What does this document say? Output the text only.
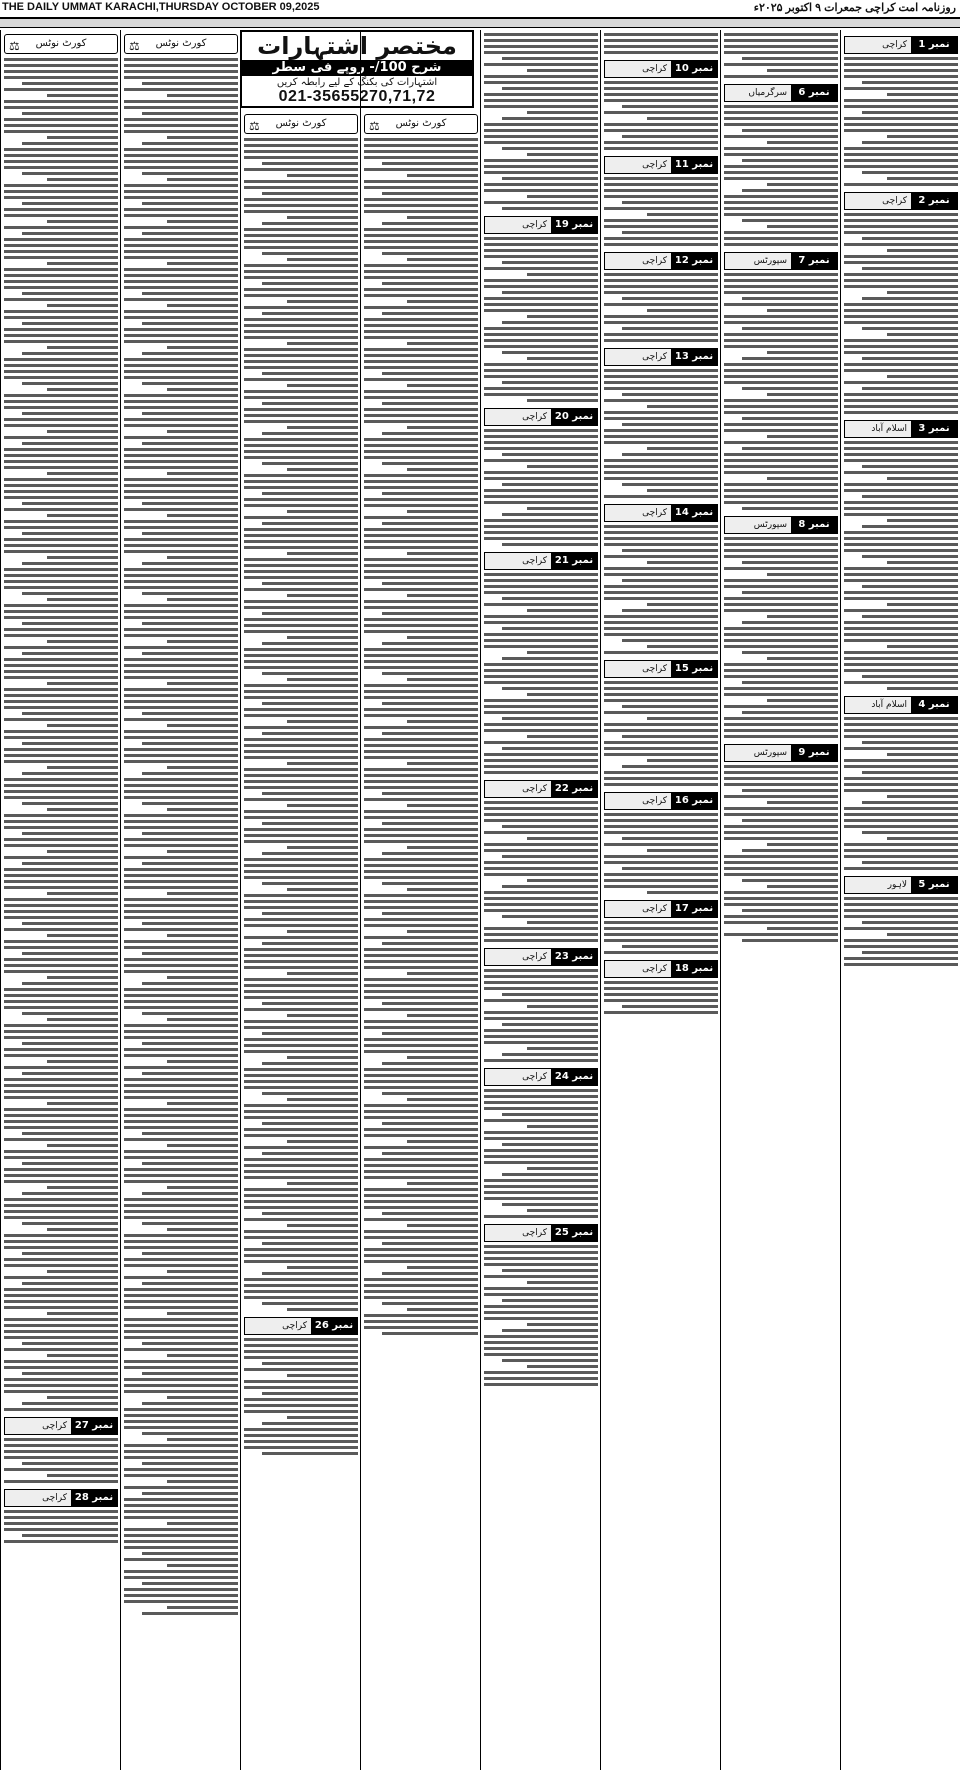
THE DAILY UMMAT KARACHI,THURSDAY OCTOBER 09,2025	روزنامہ امت کراچی جمعرات ۹ اکتوبر ۲۰۲۵ء
نمبر 1
کراچی
نمبر 2
کراچی
نمبر 3
اسلام آباد
نمبر 4
اسلام آباد
نمبر 5
لاہور
نمبر 6
سرگرمیاں
نمبر 7
سپورٹس
نمبر 8
سپورٹس
نمبر 9
سپورٹس
نمبر 10
کراچی
نمبر 11
کراچی
نمبر 12
کراچی
نمبر 13
کراچی
نمبر 14
کراچی
نمبر 15
کراچی
نمبر 16
کراچی
نمبر 17
کراچی
نمبر 18
کراچی
نمبر 19
کراچی
نمبر 20
کراچی
نمبر 21
کراچی
نمبر 22
کراچی
نمبر 23
کراچی
نمبر 24
کراچی
نمبر 25
کراچی
مختصر اشتہارات
شرح 100/- روپے فی سطر
اشتہارات کی بکنگ کے لیے رابطہ کریں
021-35655270,71,72
⚖ کورٹ نوٹس
⚖ کورٹ نوٹس
نمبر 26
کراچی
⚖ کورٹ نوٹس
⚖ کورٹ نوٹس
نمبر 27
کراچی
نمبر 28
کراچی
